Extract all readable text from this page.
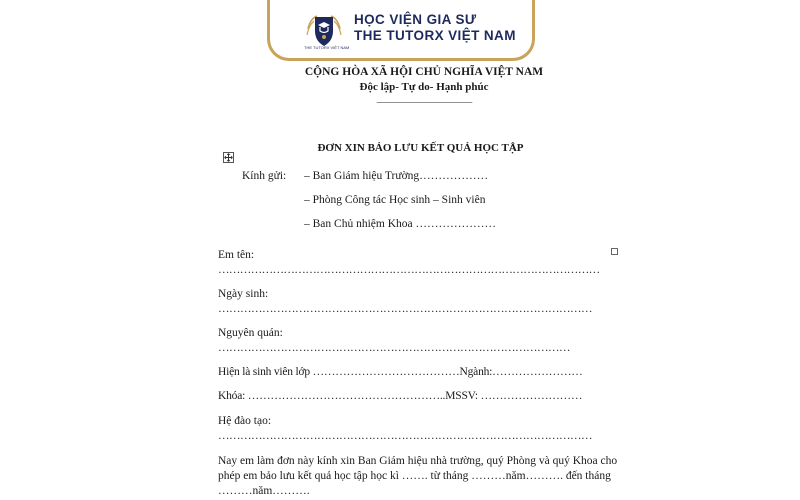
THE TUTORX VIỆT NAM
HỌC VIỆN GIA SƯ
THE TUTORX VIỆT NAM
CỘNG HÒA XÃ HỘI CHỦ NGHĨA VIỆT NAM
Độc lập- Tự do- Hạnh phúc
___________________________
ĐƠN XIN BẢO LƯU KẾT QUẢ HỌC TẬP
Kính gửi: – Ban Giám hiệu Trường………………
– Phòng Công tác Học sinh – Sinh viên
– Ban Chủ nhiệm Khoa …………………
Em tên:
……………………………………………………………………………………………
Ngày sinh:
…………………………………………………………………………………………
Nguyên quán:
……………………………………………………………………………………
Hiện là sinh viên lớp …………………………………Ngành:……………………
Khóa: ……………………………………………..MSSV: ………………………
Hệ đào tạo:
…………………………………………………………………………………………
Nay em làm đơn này kính xin Ban Giám hiệu nhà trường, quý Phòng và quý Khoa cho phép em bảo lưu kết quả học tập học kì ……. từ tháng ………năm………. đến tháng ………năm……….
